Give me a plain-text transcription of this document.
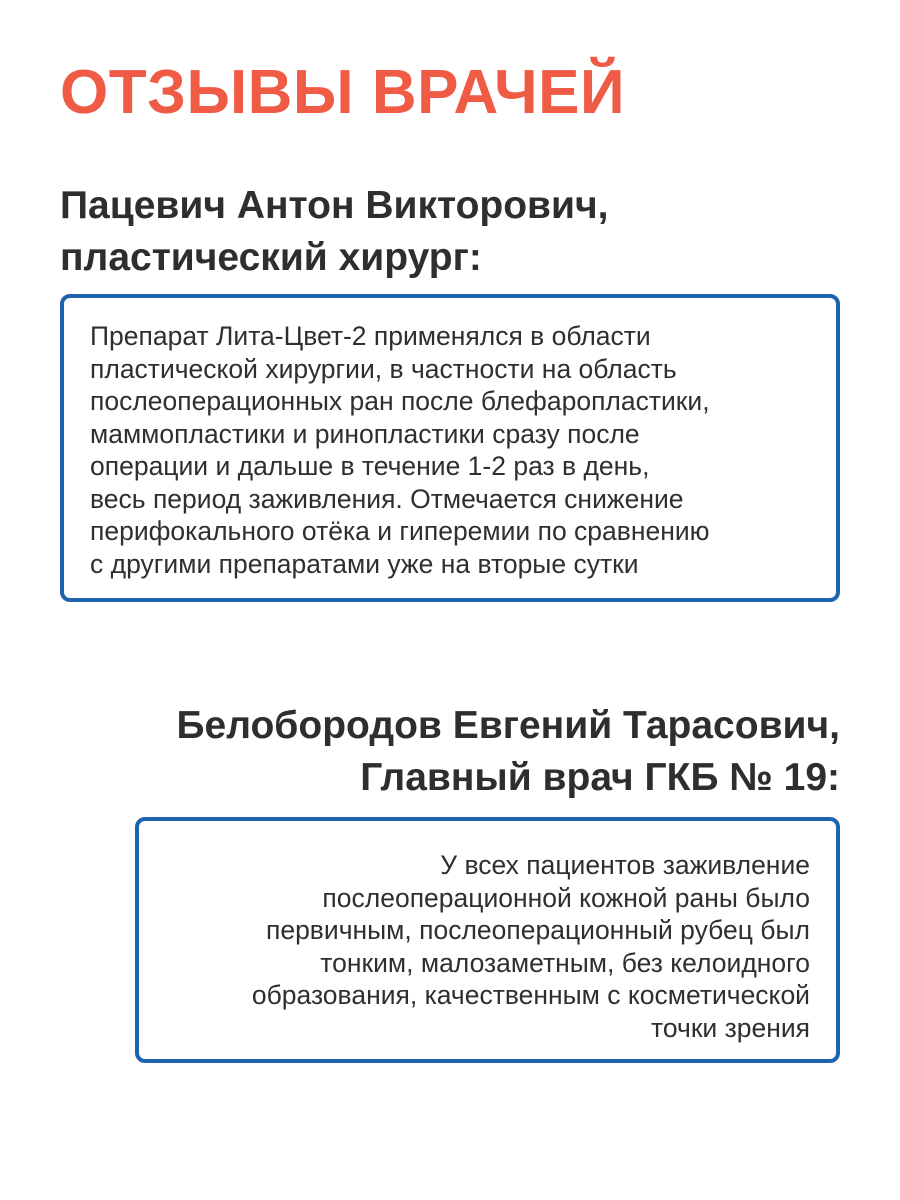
ОТЗЫВЫ ВРАЧЕЙ
Пацевич Антон Викторович,
пластический хирург:

Препарат Лита-Цвет-2 применялся в области
пластической хирургии, в частности на область
послеоперационных ран после блефаропластики,
маммопластики и ринопластики сразу после
операции и дальше в течение 1-2 раз в день,
весь период заживления. Отмечается снижение
перифокального отёка и гиперемии по сравнению
с другими препаратами уже на вторые сутки

Белобородов Евгений Тарасович,
Главный врач ГКБ № 19:

У всех пациентов заживление
послеоперационной кожной раны было
первичным, послеоперационный рубец был
тонким, малозаметным, без келоидного
образования, качественным с косметической
точки зрения
